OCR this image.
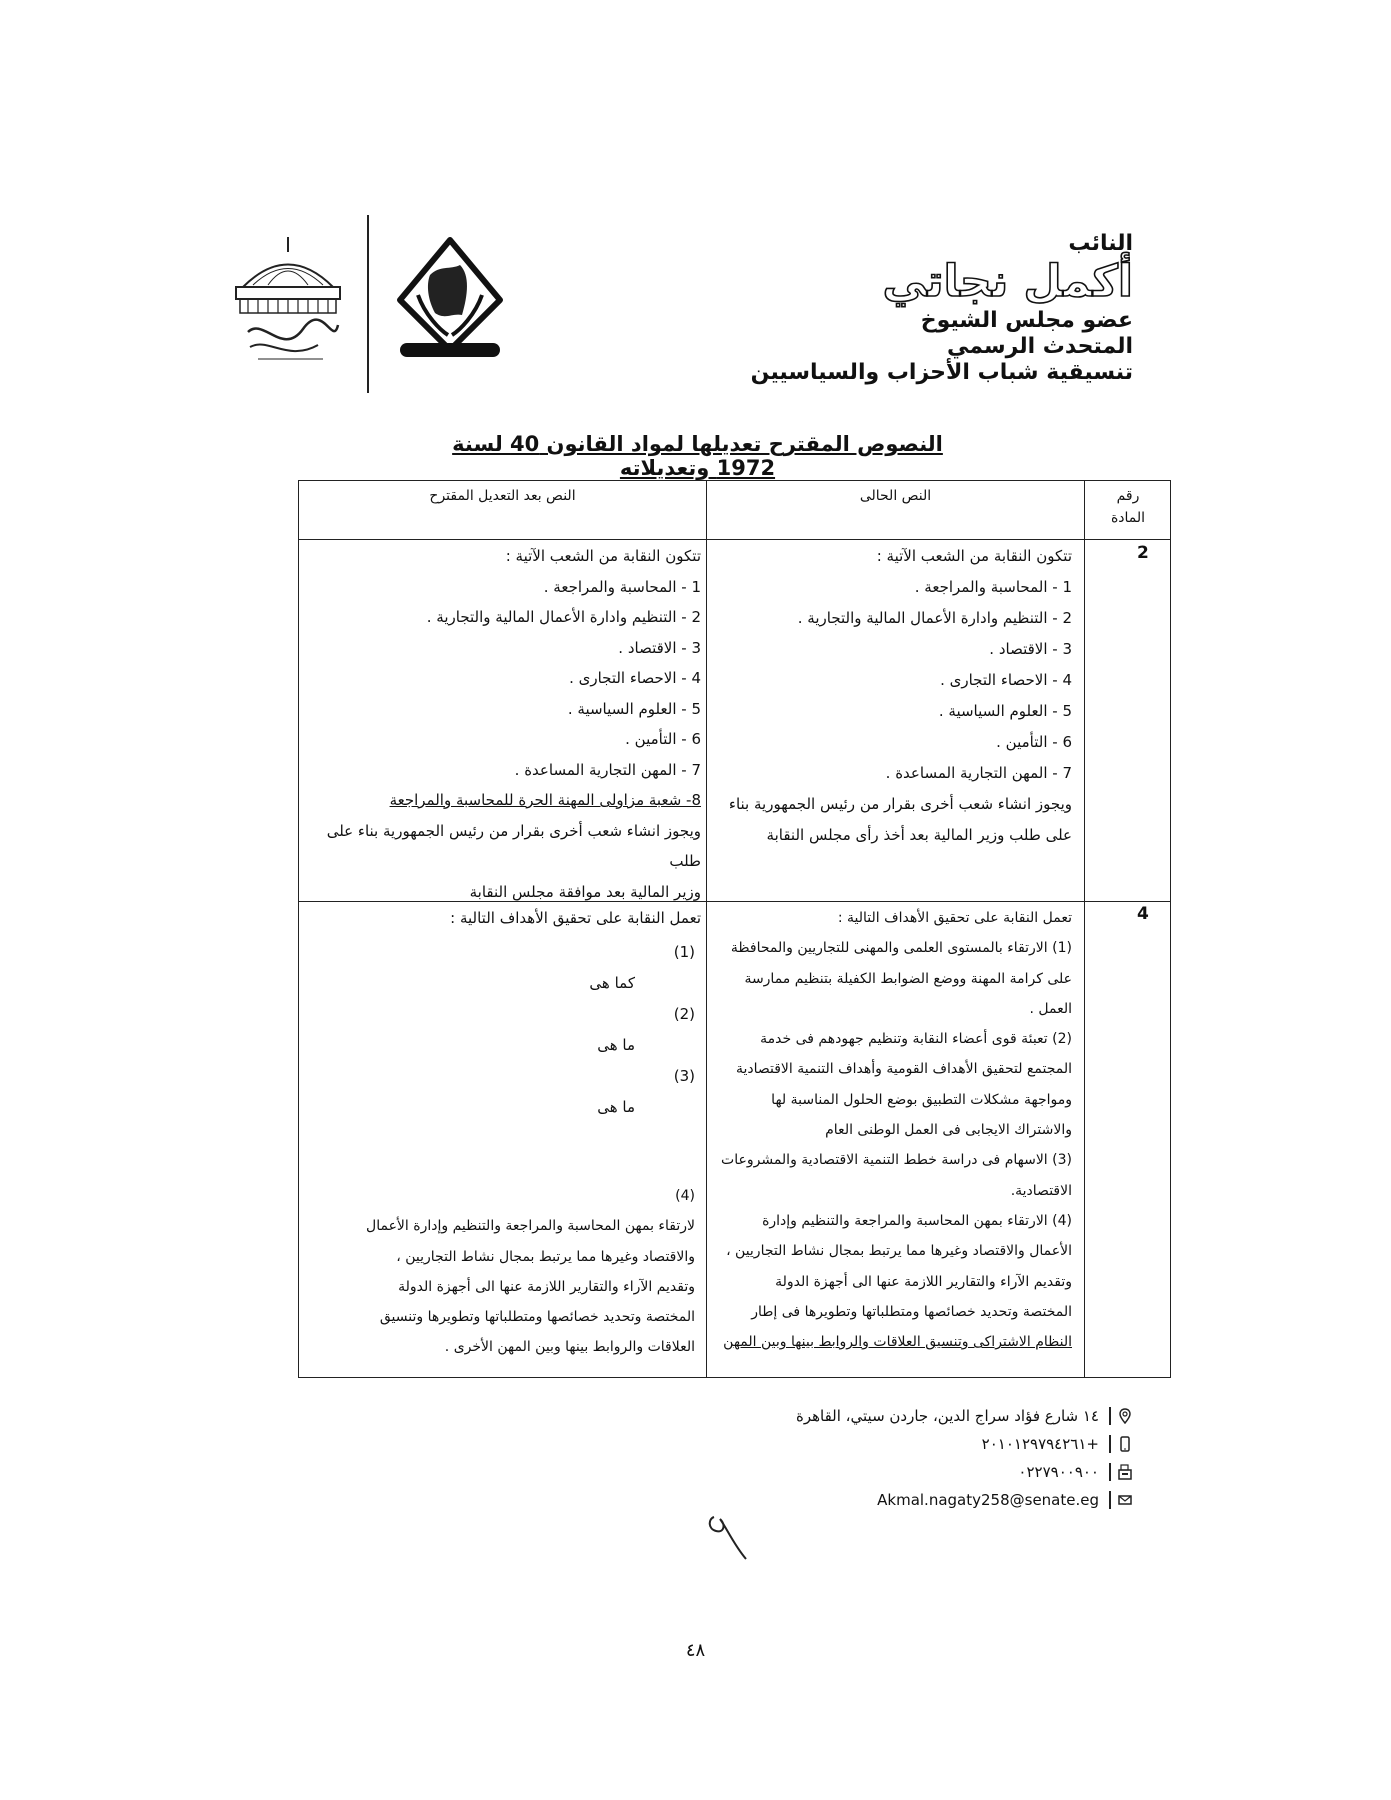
النائب
أكمل نجاتي
عضو مجلس الشيوخ
المتحدث الرسمي
تنسيقية شباب الأحزاب والسياسيين
النصوص المقترح تعديلها لمواد القانون 40 لسنة 1972 وتعديلاته
رقم
المادة
النص الحالى
النص بعد التعديل المقترح
2

تتكون النقابة من الشعب الآتية :

1 - المحاسبة والمراجعة .

2 - التنظيم وادارة الأعمال المالية والتجارية .

3 - الاقتصاد .

4 - الاحصاء التجارى .

5 - العلوم السياسية .

6 - التأمين .

7 - المهن التجارية المساعدة .

ويجوز انشاء شعب أخرى بقرار من رئيس الجمهورية بناء

على طلب وزير المالية بعد أخذ رأى مجلس النقابة

تتكون النقابة من الشعب الآتية :

1 - المحاسبة والمراجعة .

2 - التنظيم وادارة الأعمال المالية والتجارية .

3 - الاقتصاد .

4 - الاحصاء التجارى .

5 - العلوم السياسية .

6 - التأمين .

7 - المهن التجارية المساعدة .

8- شعبة مزاولى المهنة الحرة للمحاسبة والمراجعة

ويجوز انشاء شعب أخرى بقرار من رئيس الجمهورية بناء على طلب

وزير المالية بعد موافقة مجلس النقابة

4

تعمل النقابة على تحقيق الأهداف التالية :

(1) الارتقاء بالمستوى العلمى والمهنى للتجاريين والمحافظة

على كرامة المهنة ووضع الضوابط الكفيلة بتنظيم ممارسة

العمل .

(2) تعبئة قوى أعضاء النقابة وتنظيم جهودهم فى خدمة

المجتمع لتحقيق الأهداف القومية وأهداف التنمية الاقتصادية

ومواجهة مشكلات التطبيق بوضع الحلول المناسبة لها

والاشتراك الايجابى فى العمل الوطنى العام

(3) الاسهام فى دراسة خطط التنمية الاقتصادية والمشروعات

الاقتصادية.

(4) الارتقاء بمهن المحاسبة والمراجعة والتنظيم وإدارة

الأعمال والاقتصاد وغيرها مما يرتبط بمجال نشاط التجاريين ،

وتقديم الآراء والتقارير اللازمة عنها الى أجهزة الدولة

المختصة وتحديد خصائصها ومتطلباتها وتطويرها فى إطار

النظام الاشتراكى وتنسيق العلاقات والروابط بينها وبين المهن

تعمل النقابة على تحقيق الأهداف التالية :

(1)

كما هى

(2)

ما هى

(3)

ما هى

(4)

لارتقاء بمهن المحاسبة والمراجعة والتنظيم وإدارة الأعمال

والاقتصاد وغيرها مما يرتبط بمجال نشاط التجاريين ،

وتقديم الآراء والتقارير اللازمة عنها الى أجهزة الدولة

المختصة وتحديد خصائصها ومتطلباتها وتطويرها وتنسيق

العلاقات والروابط بينها وبين المهن الأخرى .

١٤ شارع فؤاد سراج الدين، جاردن سيتي، القاهرة
+٢٠١٠١٢٩٧٩٤٢٦١
٠٢٢٧٩٠٠٩٠٠
Akmal.nagaty258@senate.eg
٤٨
